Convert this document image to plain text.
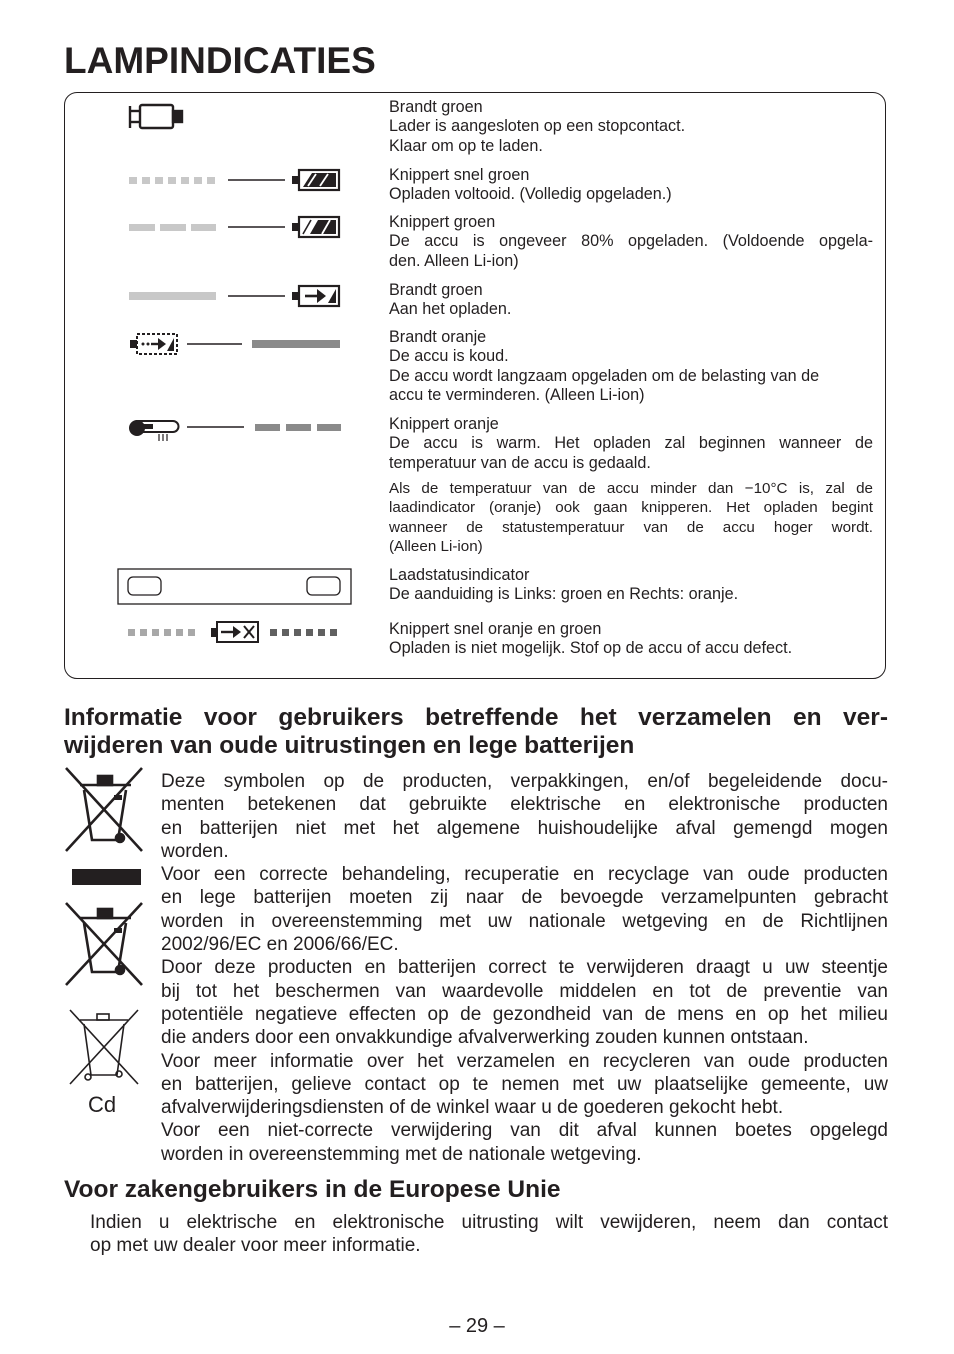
LAMPINDICATIES
Brandt groen
Lader is aangesloten op een stopcontact.
Klaar om op te laden.
Knippert snel groen
Opladen voltooid. (Volledig opgeladen.)
Knippert groen
De accu is ongeveer 80% opgeladen. (Voldoende opgela-
den. Alleen Li-ion)
Brandt groen
Aan het opladen.
Brandt oranje
De accu is koud.
De accu wordt langzaam opgeladen om de belasting van de
accu te verminderen. (Alleen Li-ion)
Knippert oranje
De accu is warm. Het opladen zal beginnen wanneer de
temperatuur van de accu is gedaald.
Als de temperatuur van de accu minder dan −10°C is, zal de
laadindicator (oranje) ook gaan knipperen. Het opladen begint
wanneer de statustemperatuur van de accu hoger wordt.
(Alleen Li-ion)
Laadstatusindicator
De aanduiding is Links: groen en Rechts: oranje.
Knippert snel oranje en groen
Opladen is niet mogelijk. Stof op de accu of accu defect.
Informatie voor gebruikers betreffende het verzamelen en ver-
wijderen van oude uitrustingen en lege batterijen
Cd

Deze symbolen op de producten, verpakkingen, en/of begeleidende docu-
menten betekenen dat gebruikte elektrische en elektronische producten
en batterijen niet met het algemene huishoudelijke afval gemengd mogen
worden.

Voor een correcte behandeling, recuperatie en recyclage van oude producten
en lege batterijen moeten zij naar de bevoegde verzamelpunten gebracht
worden in overeenstemming met uw nationale wetgeving en de Richtlijnen
2002/96/EC en 2006/66/EC.

Door deze producten en batterijen correct te verwijderen draagt u uw steentje
bij tot het beschermen van waardevolle middelen en tot de preventie van
potentiële negatieve effecten op de gezondheid van de mens en op het milieu
die anders door een onvakkundige afvalverwerking zouden kunnen ontstaan.

Voor meer informatie over het verzamelen en recycleren van oude producten
en batterijen, gelieve contact op te nemen met uw plaatselijke gemeente, uw
afvalverwijderingsdiensten of de winkel waar u de goederen gekocht hebt.

Voor een niet-correcte verwijdering van dit afval kunnen boetes opgelegd
worden in overeenstemming met de nationale wetgeving.

Voor zakengebruikers in de Europese Unie

Indien u elektrische en elektronische uitrusting wilt vewijderen, neem dan contact
op met uw dealer voor meer informatie.

– 29 –
